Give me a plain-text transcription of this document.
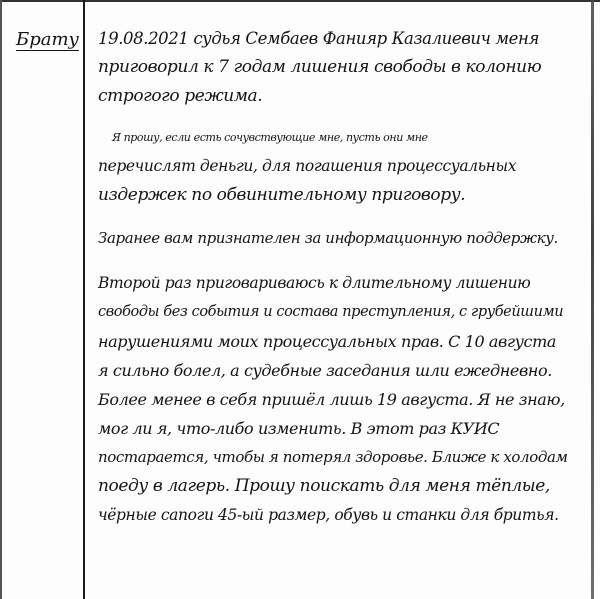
Брату 19.08.2021 судья Сембаев Фанияр Казалиевич меня
приговорил к 7 годам лишения свободы в колонию
строгого режима.
Я прошу, если есть сочувствующие мне, пусть они мне
перечислят деньги, для погашения процессуальных
издержек по обвинительному приговору.
Заранее вам признателен за информационную поддержку.
Второй раз приговариваюсь к длительному лишению
свободы без события и состава преступления, с грубейшими
нарушениями моих процессуальных прав. С 10 августа
я сильно болел, а судебные заседания шли ежедневно.
Более менее в себя пришёл лишь 19 августа. Я не знаю,
мог ли я, что-либо изменить. В этот раз КУИС
постарается, чтобы я потерял здоровье. Ближе к холодам
поеду в лагерь. Прошу поискать для меня тёплые,
чёрные сапоги 45-ый размер, обувь и станки для бритья.
